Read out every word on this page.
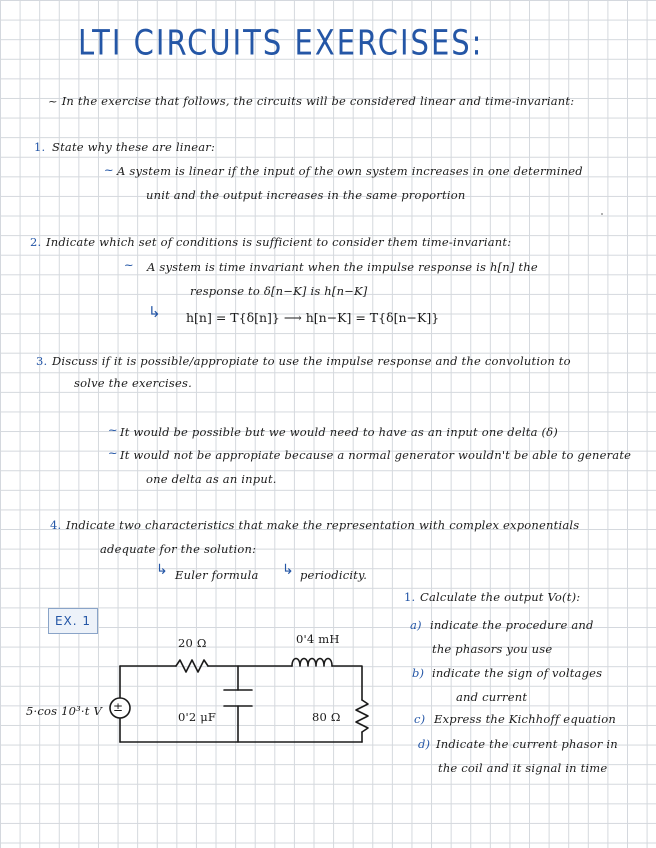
LTI CIRCUITS EXERCISES:
~ In the exercise that follows, the circuits will be considered linear and time-invariant:
1. State why these are linear:
~ A system is linear if the input of the own system increases in one determined
unit and the output increases in the same proportion
2. Indicate which set of conditions is sufficient to consider them time-invariant:
~ A system is time invariant when the impulse response is h[n] the
response to δ[n−K] is h[n−K]
↳ h[n] = T{δ[n]} ⟶ h[n−K] = T{δ[n−K]}
3. Discuss if it is possible/appropiate to use the impulse response and the convolution to
solve the exercises.
~ It would be possible but we would need to have as an input one delta (δ)
~ It would not be appropiate because a normal generator wouldn't be able to generate
one delta as an input.
4. Indicate two characteristics that make the representation with complex exponentials
adequate for the solution:
↳ Euler formula ↳ periodicity.
EX. 1
1. Calculate the output Vo(t):
a) indicate the procedure and
the phasors you use
b) indicate the sign of voltages
and current
c) Express the Kichhoff equation
d) Indicate the current phasor in
the coil and it signal in time
±
5·cos 10³·t V
20 Ω	0'4 mH
0'2 μF	80 Ω
